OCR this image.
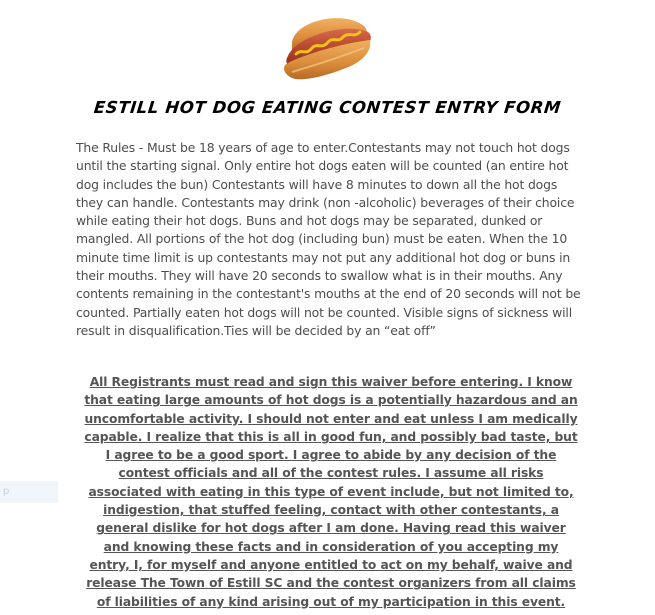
ESTILL HOT DOG EATING CONTEST ENTRY FORM

The Rules - Must be 18 years of age to enter.Contestants may not touch hot dogs until the starting signal. Only entire hot dogs eaten will be counted (an entire hot dog includes the bun) Contestants will have 8 minutes to down all the hot dogs they can handle. Contestants may drink (non -alcoholic) beverages of their choice while eating their hot dogs. Buns and hot dogs may be separated, dunked or mangled. All portions of the hot dog (including bun) must be eaten. When the 10 minute time limit is up contestants may not put any additional hot dog or buns in their mouths. They will have 20 seconds to swallow what is in their mouths. Any contents remaining in the contestant's mouths at the end of 20 seconds will not be counted. Partially eaten hot dogs will not be counted. Visible signs of sickness will result in disqualification.Ties will be decided by an “eat off”

p

All Registrants must read and sign this waiver before entering. I know that eating large amounts of hot dogs is a potentially hazardous and an uncomfortable activity. I should not enter and eat unless I am medically capable. I realize that this is all in good fun, and possibly bad taste, but I agree to be a good sport. I agree to abide by any decision of the contest officials and all of the contest rules. I assume all risks associated with eating in this type of event include, but not limited to, indigestion, that stuffed feeling, contact with other contestants, a general dislike for hot dogs after I am done. Having read this waiver and knowing these facts and in consideration of you accepting my entry, I, for myself and anyone entitled to act on my behalf, waive and release The Town of Estill SC and the contest organizers from all claims of liabilities of any kind arising out of my participation in this event.
